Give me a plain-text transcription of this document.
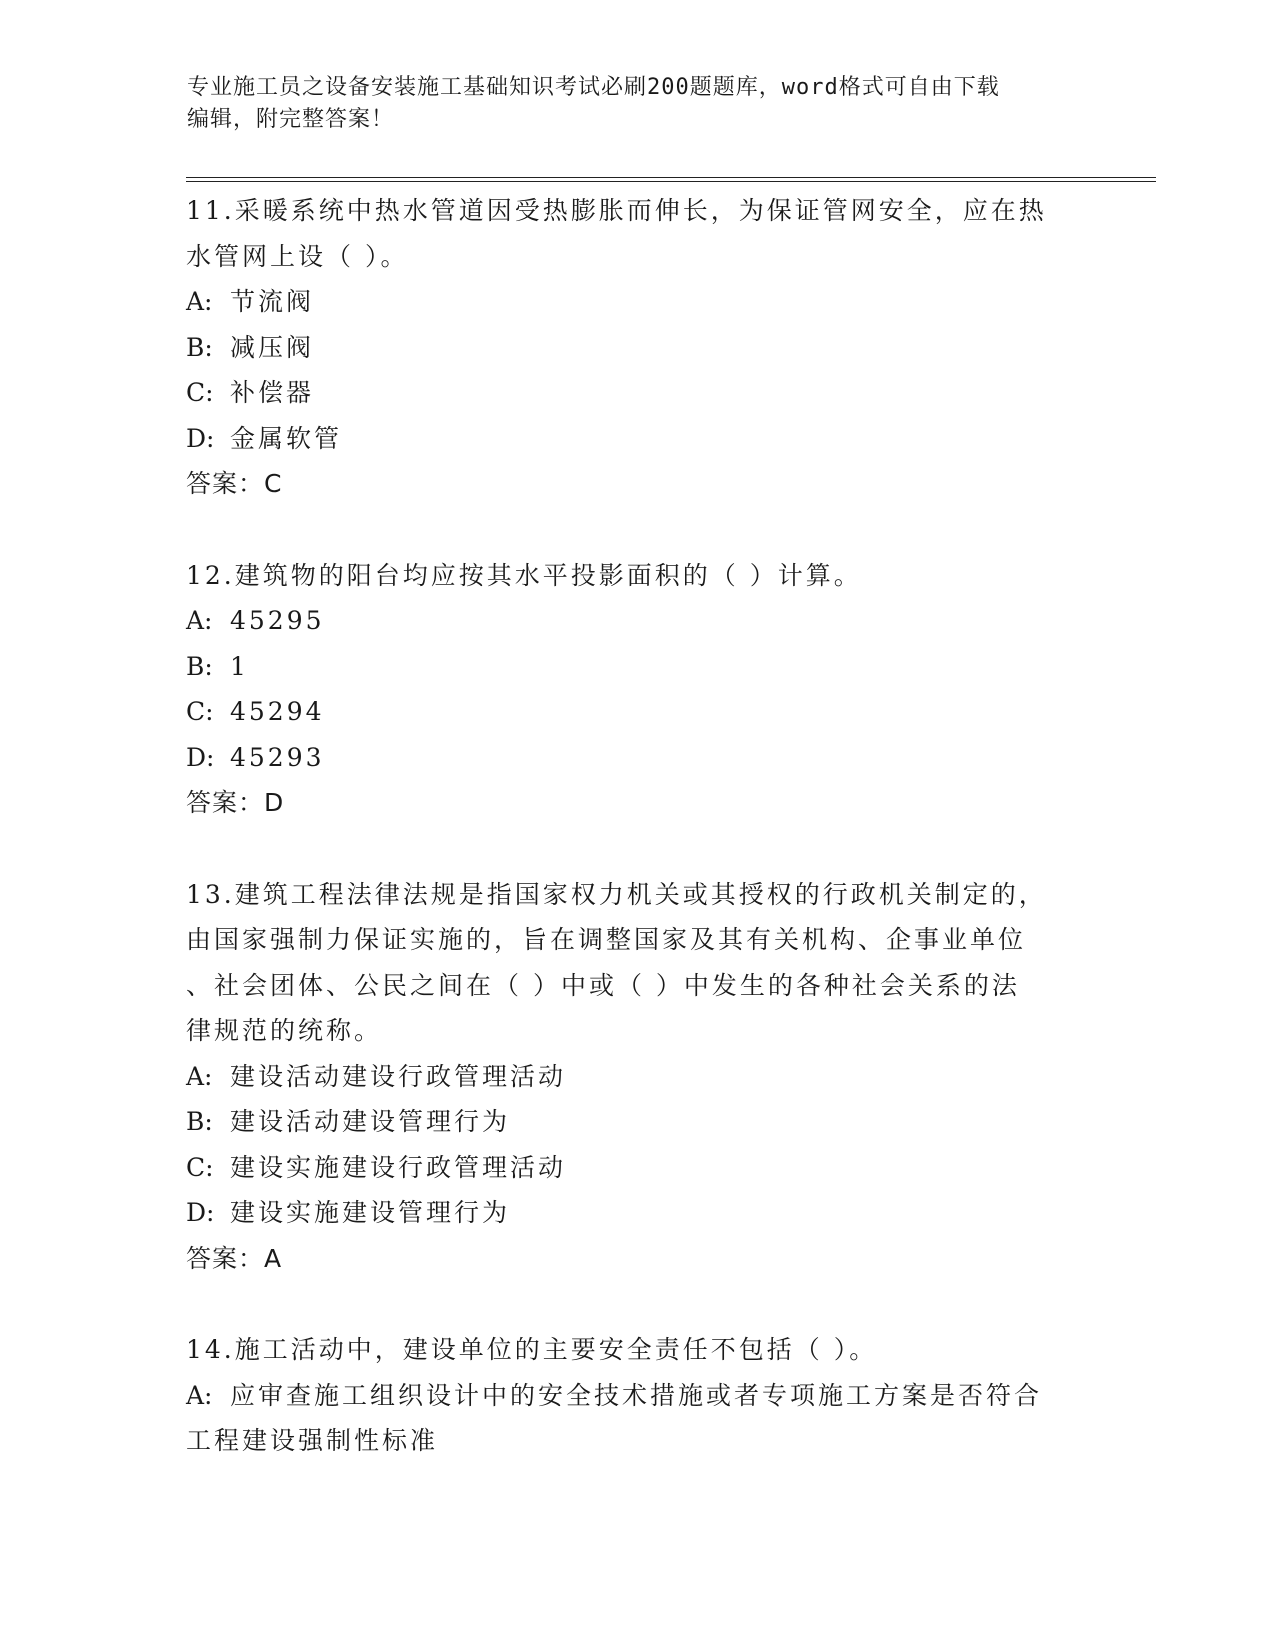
专业施工员之设备安装施工基础知识考试必刷200题题库，word格式可自由下载
编辑，附完整答案！
11.采暖系统中热水管道因受热膨胀而伸长，为保证管网安全，应在热
水管网上设（ ）。
A: 节流阀
B: 减压阀
C: 补偿器
D: 金属软管
答案：C
12.建筑物的阳台均应按其水平投影面积的（ ）计算。
A: 45295
B: 1
C: 45294
D: 45293
答案：D
13.建筑工程法律法规是指国家权力机关或其授权的行政机关制定的，
由国家强制力保证实施的，旨在调整国家及其有关机构、企事业单位
、社会团体、公民之间在（ ）中或（ ）中发生的各种社会关系的法
律规范的统称。
A: 建设活动建设行政管理活动
B: 建设活动建设管理行为
C: 建设实施建设行政管理活动
D: 建设实施建设管理行为
答案：A
14.施工活动中，建设单位的主要安全责任不包括（ ）。
A: 应审查施工组织设计中的安全技术措施或者专项施工方案是否符合
工程建设强制性标准
